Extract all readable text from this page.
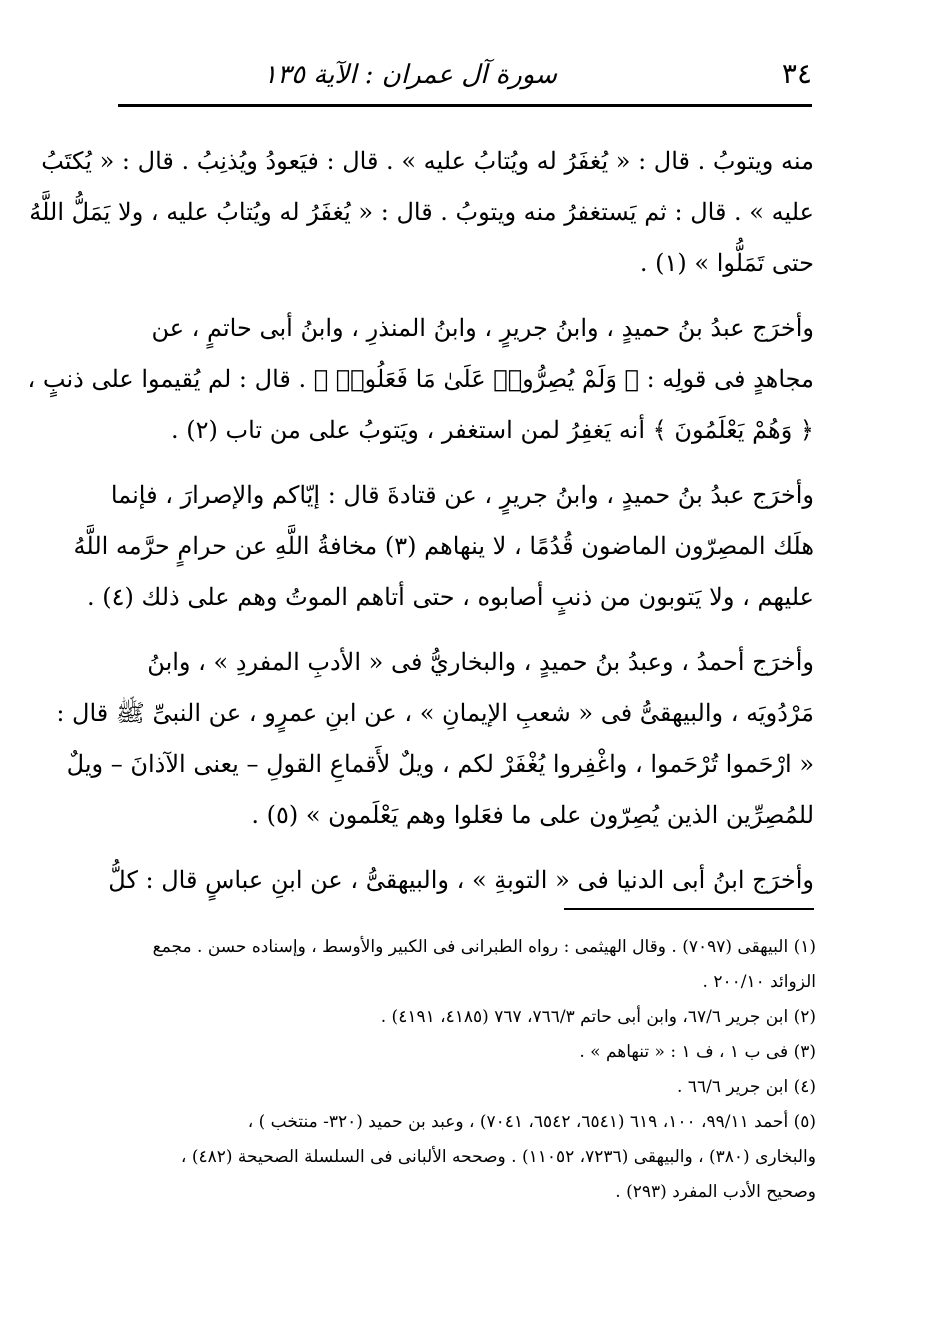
٣٤
سورة آل عمران : الآية ١٣٥
منه ويتوبُ . قال : « يُغفَرُ له ويُتابُ عليه » . قال : فيَعودُ ويُذنِبُ . قال : « يُكتَبُ
عليه » . قال : ثم يَستغفرُ منه ويتوبُ . قال : « يُغفَرُ له ويُتابُ عليه ، ولا يَمَلُّ اللَّهُ
حتى تَمَلُّوا » (١) .
وأخرَج عبدُ بنُ حميدٍ ، وابنُ جريرٍ ، وابنُ المنذرِ ، وابنُ أبى حاتمٍ ، عن
مجاهدٍ فى قولِه : ﴿ وَلَمْ يُصِرُّوا۟ عَلَىٰ مَا فَعَلُوا۟ ﴾ . قال : لم يُقيموا على ذنبٍ ،
﴿ وَهُمْ يَعْلَمُونَ ﴾ أنه يَغفِرُ لمن استغفر ، ويَتوبُ على من تاب (٢) .
وأخرَج عبدُ بنُ حميدٍ ، وابنُ جريرٍ ، عن قتادةَ قال : إيّاكم والإصرارَ ، فإنما
هلَك المصِرّون الماضون قُدُمًا ، لا ينهاهم (٣) مخافةُ اللَّهِ عن حرامٍ حرَّمه اللَّهُ
عليهم ، ولا يَتوبون من ذنبٍ أصابوه ، حتى أتاهم الموتُ وهم على ذلك (٤) .
وأخرَج أحمدُ ، وعبدُ بنُ حميدٍ ، والبخاريُّ فى « الأدبِ المفردِ » ، وابنُ
مَرْدُويَه ، والبيهقىُّ فى « شعبِ الإيمانِ » ، عن ابنِ عمرٍو ، عن النبىِّ ﷺ قال :
« ارْحَموا تُرْحَموا ، واغْفِروا يُغْفَرْ لكم ، ويلٌ لأَقماعِ القولِ – يعنى الآذانَ – ويلٌ
للمُصِرِّين الذين يُصِرّون على ما فعَلوا وهم يَعْلَمون » (٥) .
وأخرَج ابنُ أبى الدنيا فى « التوبةِ » ، والبيهقىُّ ، عن ابنِ عباسٍ قال : كلُّ
(١) البيهقى (٧٠٩٧) . وقال الهيثمى : رواه الطبرانى فى الكبير والأوسط ، وإسناده حسن . مجمع
الزوائد ٢٠٠/١٠ .
(٢) ابن جرير ٦٧/٦، وابن أبى حاتم ٧٦٦/٣، ٧٦٧ (٤١٨٥، ٤١٩١) .
(٣) فى ب ١ ، ف ١ : « تنهاهم » .
(٤) ابن جرير ٦٦/٦ .
(٥) أحمد ٩٩/١١، ١٠٠، ٦١٩ (٦٥٤١، ٦٥٤٢، ٧٠٤١) ، وعبد بن حميد (٣٢٠- منتخب ) ،
والبخارى (٣٨٠) ، والبيهقى (٧٢٣٦، ١١٠٥٢) . وصححه الألبانى فى السلسلة الصحيحة (٤٨٢) ،
وصحيح الأدب المفرد (٢٩٣) .
